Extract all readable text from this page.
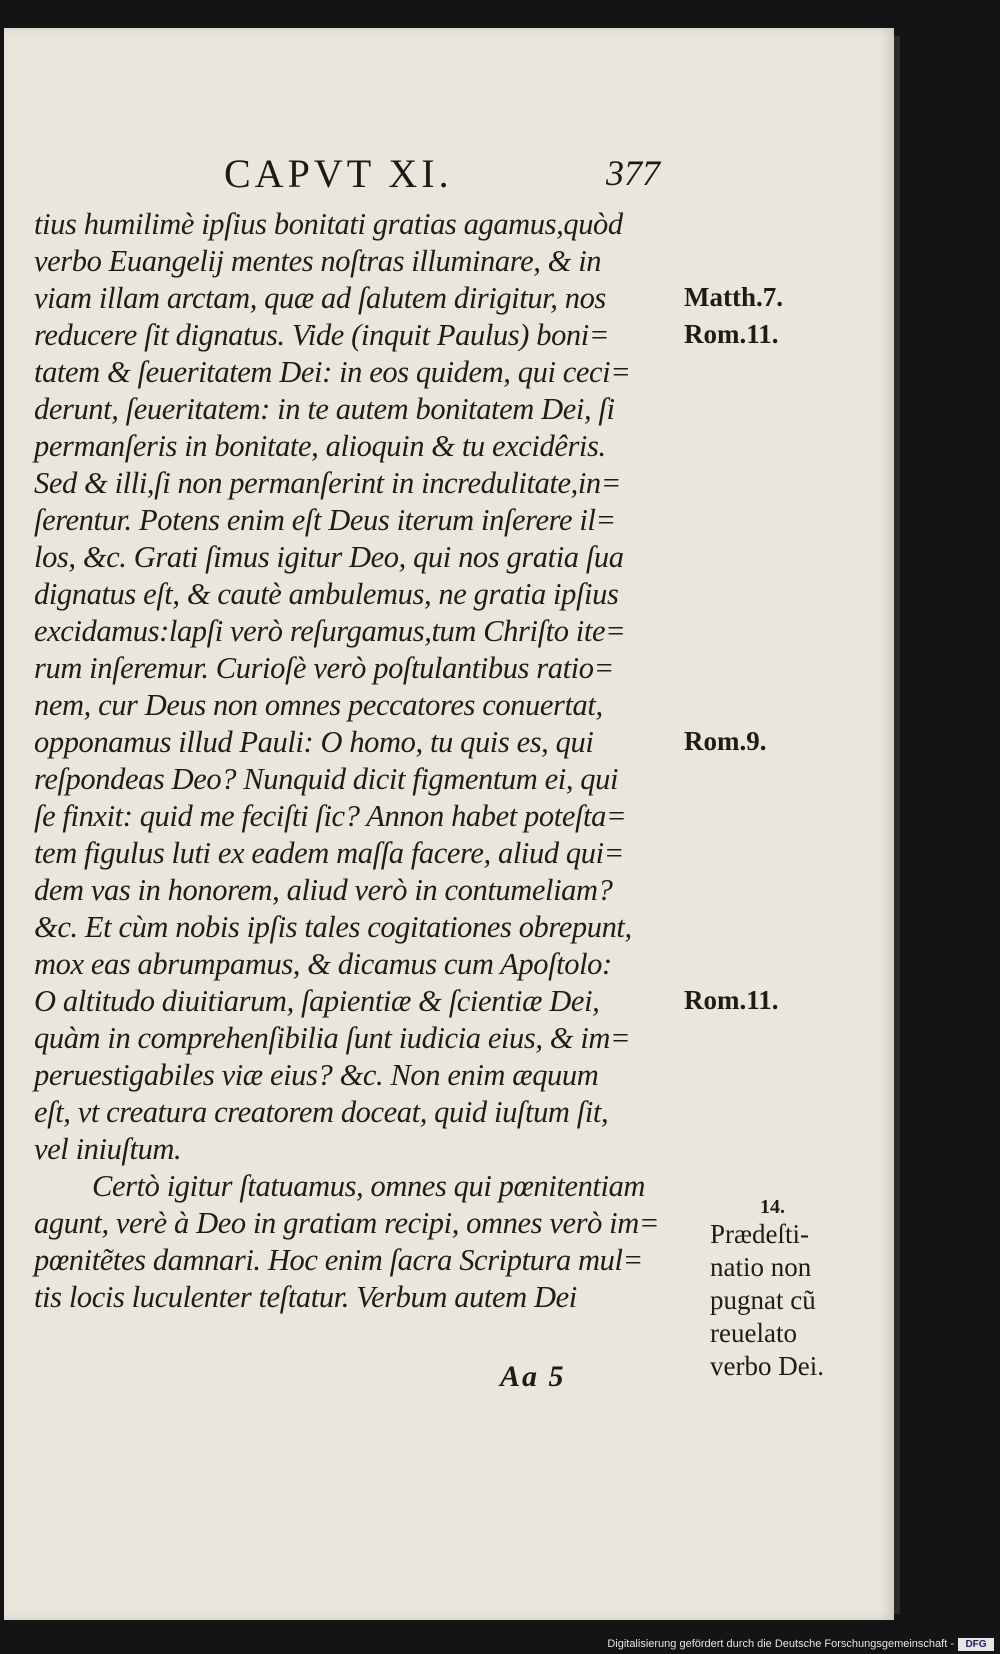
CAPVT XI.	377
tius humilimè ipſius bonitati gratias agamus,quòd
verbo Euangelij mentes noſtras illuminare, & in
viam illam arctam, quæ ad ſalutem dirigitur, nos
reducere ſit dignatus. Vide (inquit Paulus) boni=
tatem & ſeueritatem Dei: in eos quidem, qui ceci=
derunt, ſeueritatem: in te autem bonitatem Dei, ſi
permanſeris in bonitate, alioquin & tu excidêris.
Sed & illi,ſi non permanſerint in incredulitate,in=
ſerentur. Potens enim eſt Deus iterum inſerere il=
los, &c. Grati ſimus igitur Deo, qui nos gratia ſua
dignatus eſt, & cautè ambulemus, ne gratia ipſius
excidamus:lapſi verò reſurgamus,tum Chriſto ite=
rum inſeremur. Curioſè verò poſtulantibus ratio=
nem, cur Deus non omnes peccatores conuertat,
opponamus illud Pauli: O homo, tu quis es, qui
reſpondeas Deo? Nunquid dicit figmentum ei, qui
ſe finxit: quid me feciſti ſic? Annon habet poteſta=
tem figulus luti ex eadem maſſa facere, aliud qui=
dem vas in honorem, aliud verò in contumeliam?
&c. Et cùm nobis ipſis tales cogitationes obrepunt,
mox eas abrumpamus, & dicamus cum Apoſtolo:
O altitudo diuitiarum, ſapientiæ & ſcientiæ Dei,
quàm in comprehenſibilia ſunt iudicia eius, & im=
peruestigabiles viæ eius? &c. Non enim æquum
eſt, vt creatura creatorem doceat, quid iuſtum ſit,
vel iniuſtum.
Certò igitur ſtatuamus, omnes qui pœnitentiam
agunt, verè à Deo in gratiam recipi, omnes verò im=
pœnitẽtes damnari. Hoc enim ſacra Scriptura mul=
tis locis luculenter teſtatur. Verbum autem Dei
Matth.7.
Rom.11.
Rom.9.
Rom.11.
14.
Prædeſti-
natio non
pugnat cũ
reuelato
verbo Dei.
Aa 5
Digitalisierung gefördert durch die Deutsche Forschungsgemeinschaft -	DFG
